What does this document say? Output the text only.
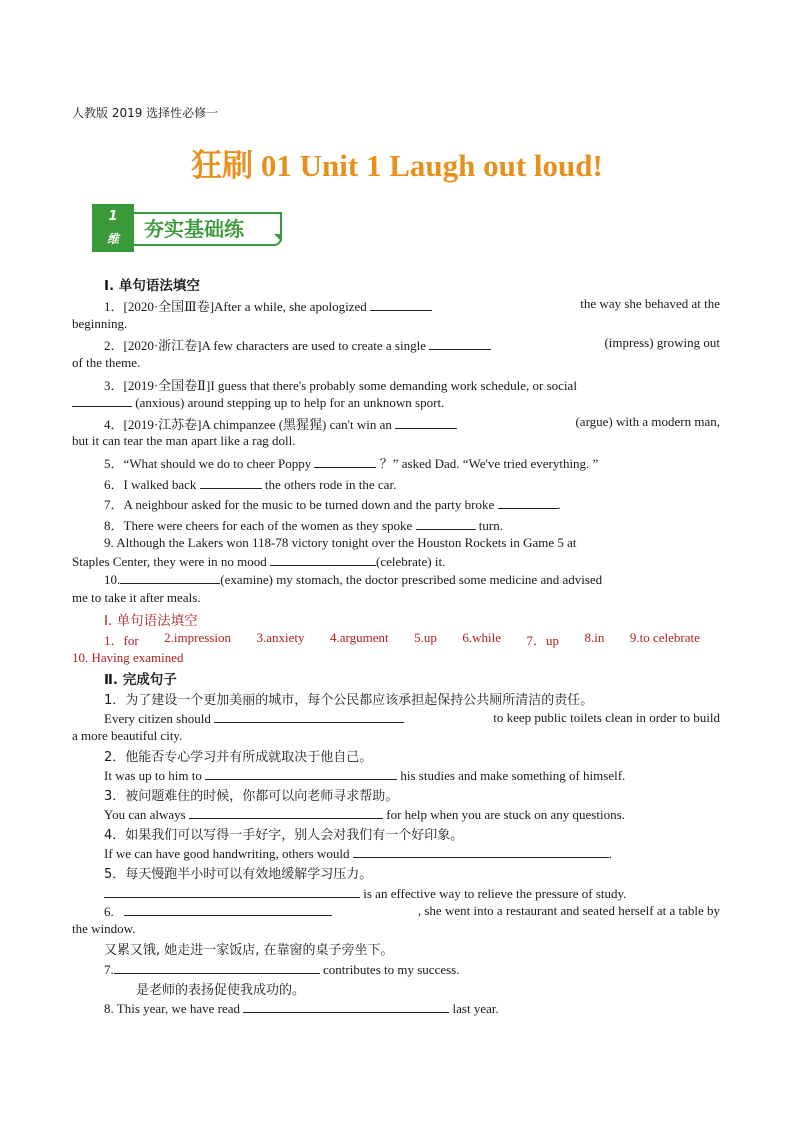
人教版 2019 选择性必修一
狂刷 01 Unit 1 Laugh out loud!
1
维	夯实基础练
Ⅰ. 单句语法填空
1．[2020·全国Ⅲ卷]After a while, she apologized	the way she behaved at the
beginning.
2．[2020·浙江卷]A few characters are used to create a single	(impress) growing out
of the theme.
3．[2019·全国卷Ⅱ]I guess that there's probably some demanding work schedule, or social
(anxious) around stepping up to help for an unknown sport.
4．[2019·江苏卷]A chimpanzee (黑猩猩) can't win an	(argue) with a modern man,
but it can tear the man apart like a rag doll.
5．“What should we do to cheer Poppy	？” asked Dad. “We've tried everything. ”
6．I walked back	the others rode in the car.
7．A neighbour asked for the music to be turned down and the party broke	.
8．There were cheers for each of the women as they spoke	turn.
9. Although the Lakers won 118-78 victory tonight over the Houston Rockets in Game 5 at
Staples Center, they were in no mood	(celebrate) it.
10.	(examine) my stomach, the doctor prescribed some medicine and advised
me to take it after meals.
Ⅰ. 单句语法填空
1．for 2.impression 3.anxiety 4.argument 5.up 6.while 7．up 8.in 9.to celebrate
10. Having examined
Ⅱ. 完成句子
1．为了建设一个更加美丽的城市，每个公民都应该承担起保持公共厕所清洁的责任。
Every citizen should	to keep public toilets clean in order to build
a more beautiful city.
2．他能否专心学习并有所成就取决于他自己。
It was up to him to	his studies and make something of himself.
3．被问题难住的时候，你都可以向老师寻求帮助。
You can always	for help when you are stuck on any questions.
4．如果我们可以写得一手好字，别人会对我们有一个好印象。
If we can have good handwriting, others would	.
5．每天慢跑半小时可以有效地缓解学习压力。
is an effective way to relieve the pressure of study.
6.	, she went into a restaurant and seated herself at a table by
the window.
又累又饿, 她走进一家饭店, 在靠窗的桌子旁坐下。
7.	contributes to my success.
是老师的表扬促使我成功的。
8. This year, we have read	last year.
